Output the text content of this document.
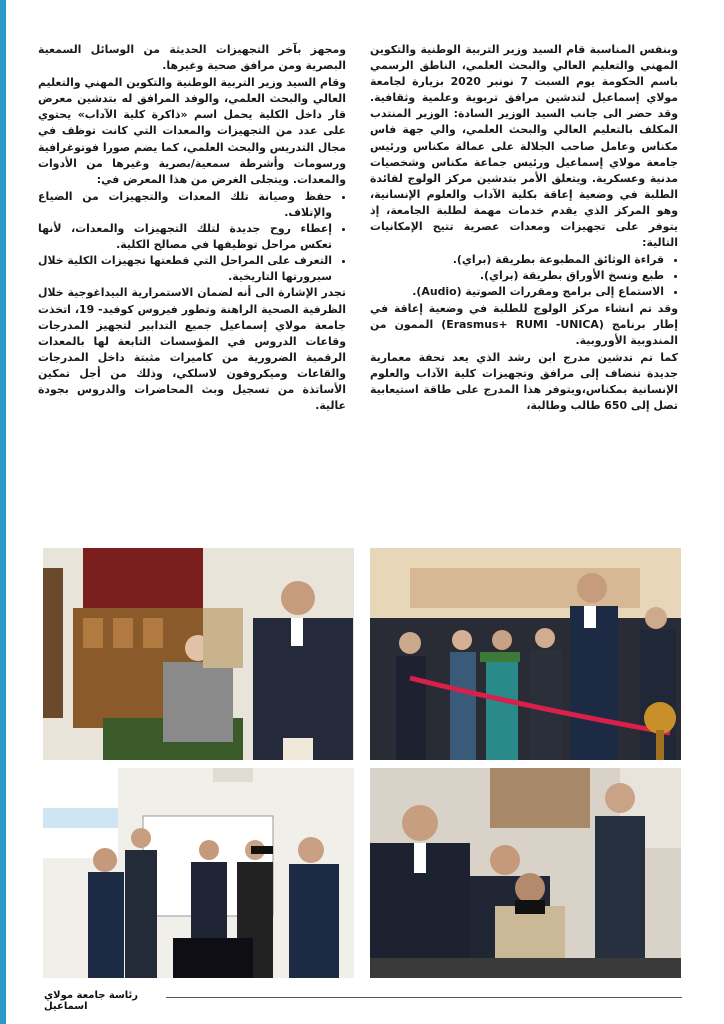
وبنفس المناسبة قام السيد وزير التربية الوطنية والتكوين المهني والتعليم العالي والبحث العلمي، الناطق الرسمي باسم الحكومة يوم السبت 7 نونبر 2020 بزيارة لجامعة مولاي إسماعيل لتدشين مرافق تربوية وعلمية وثقافية. وقد حضر الى جانب السيد الوزير السادة: الوزير المنتدب المكلف بالتعليم العالي والبحث العلمي، والي جهة فاس مكناس وعامل صاحب الجلالة على عمالة مكناس ورئيس جامعة مولاي إسماعيل ورئيس جماعة مكناس وشخصيات مدنية وعسكرية. ويتعلق الأمر بتدشين مركز الولوج لفائدة الطلبة في وضعية إعاقة بكلية الآداب والعلوم الإنسانية، وهو المركز الذي يقدم خدمات مهمة لطلبة الجامعة، إذ يتوفر على تجهيزات ومعدات عصرية تتيح الإمكانيات التالية:

• قراءة الوثائق المطبوعة بطريقة (براي).
• طبع ونسخ الأوراق بطريقة (براي).
• الاستماع إلى برامج ومقررات الصوتية (Audio).

وقد تم انشاء مركز الولوج للطلبة في وضعية إعاقة في إطار برنامج (Erasmus+ RUMI -UNICA) الممون من المندوبية الأوروبية.

كما تم تدشين مدرج ابن رشد الذي يعد تحفة معمارية جديدة تنضاف إلى مرافق وتجهيزات كلية الآداب والعلوم الإنسانية بمكناس،ويتوفر هذا المدرج على طاقة استيعابية تصل إلى 650 طالب وطالبة،

ومجهز بآخر التجهيزات الحديثة من الوسائل السمعية البصرية ومن مرافق صحية وغيرها.

وقام السيد وزير التربية الوطنية والتكوين المهني والتعليم العالي والبحث العلمي، والوفد المرافق له بتدشين معرض قار داخل الكلية يحمل اسم «ذاكرة كلية الآداب» يحتوي على عدد من التجهيزات والمعدات التي كانت توظف في مجال التدريس والبحث العلمي، كما يضم صورا فوتوغرافية ورسومات وأشرطة سمعية/بصرية وغيرها من الأدوات والمعدات. ويتجلى الغرض من هذا المعرض في:

• حفظ وصيانة تلك المعدات والتجهيزات من الضياع والإتلاف.
• إعطاء روح جديدة لتلك التجهيزات والمعدات، لأنها تعكس مراحل توظيفها في مصالح الكلية.
• التعرف على المراحل التي قطعتها تجهيزات الكلية خلال سيرورتها التاريخية.

تجدر الإشارة الى أنه لضمان الاستمرارية البيداغوجية خلال الظرفية الصحية الراهنة وتطور فيروس كوفيد- 19، اتخذت جامعة مولاي إسماعيل جميع التدابير لتجهيز المدرجات وقاعات الدروس في المؤسسات التابعة لها بالمعدات الرقمية الضرورية من كاميرات مثبتة داخل المدرجات والقاعات وميكروفون لاسلكي، وذلك من أجل تمكين الأساتذة من تسجيل وبث المحاضرات والدروس بجودة عالية.

رئاسة جامعة مولاي اسماعيل
